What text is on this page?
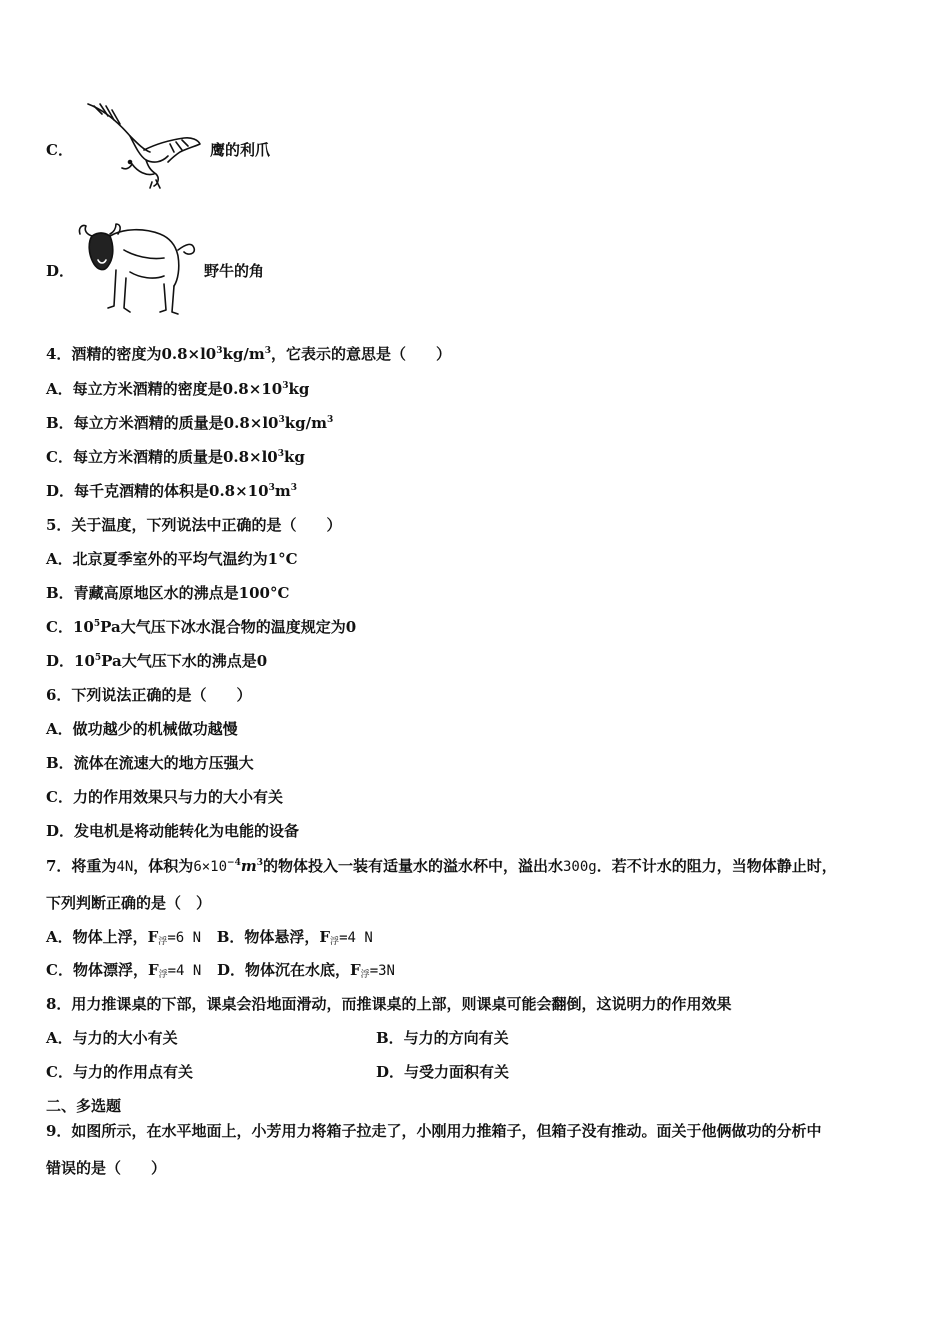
C．	鹰的利爪
D．	野牛的角
4．酒精的密度为$0.8\times l0^3kg/m^3$，它表示的意思是（　　）
A．每立方米酒精的密度是$0.8\times 10^3kg$
B．每立方米酒精的质量是$0.8\times l0^3kg/m^3$
C．每立方米酒精的质量是$0.8\times l0^3kg$
D．每千克酒精的体积是$0.8\times 10^3m^3$
5．关于温度，下列说法中正确的是（　　）
A．北京夏季室外的平均气温约为1°C
B．青藏高原地区水的沸点是100°C
C．$10^5Pa$大气压下冰水混合物的温度规定为0
D．$10^5Pa$大气压下水的沸点是0
6．下列说法正确的是（　　）
A．做功越少的机械做功越慢
B．流体在流速大的地方压强大
C．力的作用效果只与力的大小有关
D．发电机是将动能转化为电能的设备
7．将重为4N，体积为$6\times 10^{-4}m^3$的物体投入一装有适量水的溢水杯中，溢出水300g．若不计水的阻力，当物体静止时，
下列判断正确的是（　）
A．物体上浮，$F_浮=6$ N B．物体悬浮，$F_浮=4$ N
C．物体漂浮，$F_浮=4$ N D．物体沉在水底，$F_浮=3N$
8．用力推课桌的下部，课桌会沿地面滑动，而推课桌的上部，则课桌可能会翻倒，这说明力的作用效果
A．与力的大小有关	B．与力的方向有关
C．与力的作用点有关	D．与受力面积有关
二、多选题
9．如图所示，在水平地面上，小芳用力将箱子拉走了，小刚用力推箱子，但箱子没有推动。面关于他俩做功的分析中
错误的是（　　）
